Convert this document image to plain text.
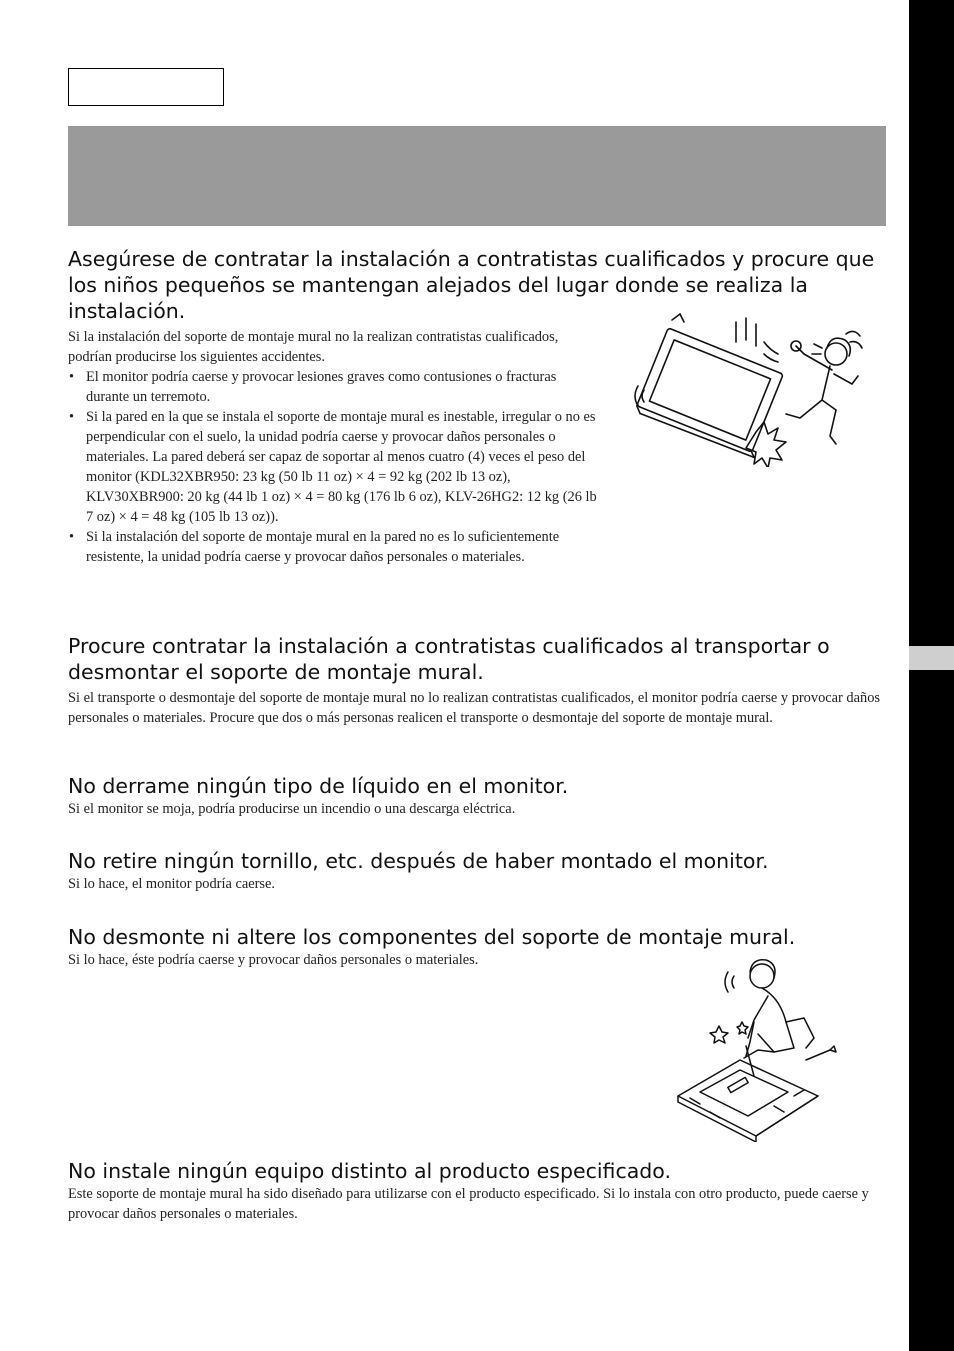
Asegúrese de contratar la instalación a contratistas cualificados y procure que los niños pequeños se mantengan alejados del lugar donde se realiza la instalación.

Si la instalación del soporte de montaje mural no la realizan contratistas cualificados, podrían producirse los siguientes accidentes.

• El monitor podría caerse y provocar lesiones graves como contusiones o fracturas durante un terremoto.
• Si la pared en la que se instala el soporte de montaje mural es inestable, irregular o no es perpendicular con el suelo, la unidad podría caerse y provocar daños personales o materiales. La pared deberá ser capaz de soportar al menos cuatro (4) veces el peso del monitor (KDL32XBR950: 23 kg (50 lb 11 oz) × 4 = 92 kg (202 lb 13 oz), KLV30XBR900: 20 kg (44 lb 1 oz) × 4 = 80 kg (176 lb 6 oz), KLV-26HG2: 12 kg (26 lb 7 oz) × 4 = 48 kg (105 lb 13 oz)).
• Si la instalación del soporte de montaje mural en la pared no es lo suficientemente resistente, la unidad podría caerse y provocar daños personales o materiales.
Procure contratar la instalación a contratistas cualificados al transportar o desmontar el soporte de montaje mural.

Si el transporte o desmontaje del soporte de montaje mural no lo realizan contratistas cualificados, el monitor podría caerse y provocar daños personales o materiales. Procure que dos o más personas realicen el transporte o desmontaje del soporte de montaje mural.

No derrame ningún tipo de líquido en el monitor.

Si el monitor se moja, podría producirse un incendio o una descarga eléctrica.

No retire ningún tornillo, etc. después de haber montado el monitor.

Si lo hace, el monitor podría caerse.

No desmonte ni altere los componentes del soporte de montaje mural.

Si lo hace, éste podría caerse y provocar daños personales o materiales.

No instale ningún equipo distinto al producto especificado.

Este soporte de montaje mural ha sido diseñado para utilizarse con el producto especificado. Si lo instala con otro producto, puede caerse y provocar daños personales o materiales.
